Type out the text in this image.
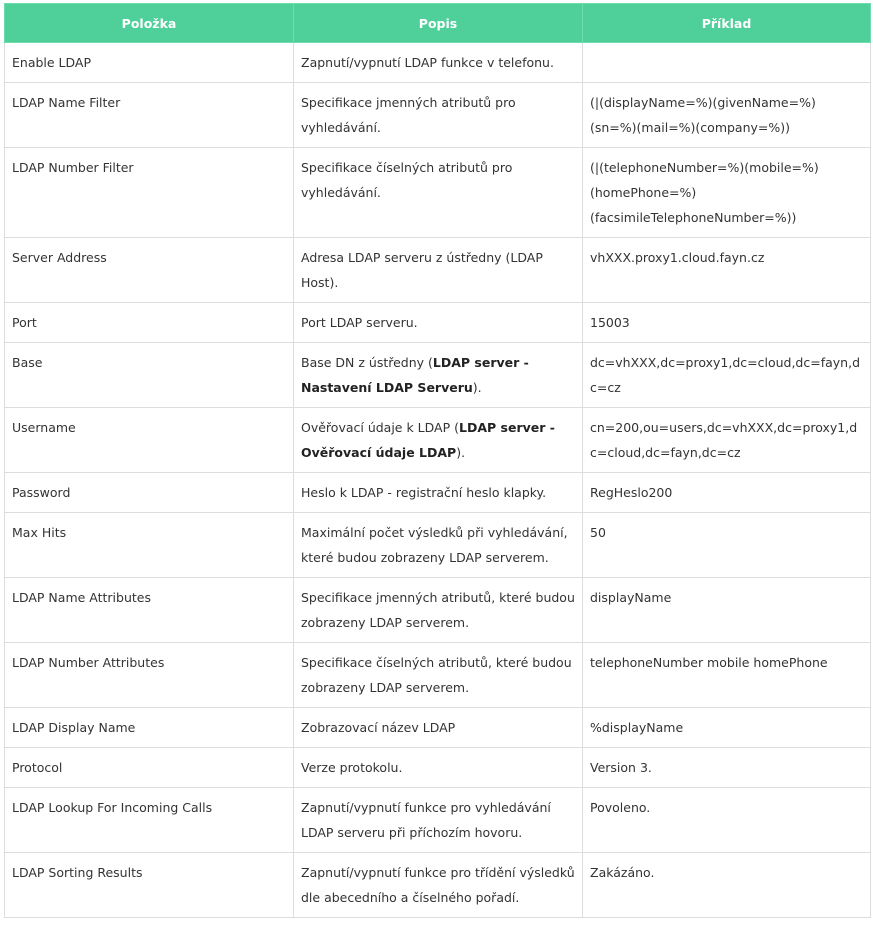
Položka	Popis	Příklad
Enable LDAP	Zapnutí/vypnutí LDAP funkce v telefonu.	
LDAP Name Filter	Specifikace jmenných atributů pro vyhledávání.	(|(displayName=%)(givenName=%) (sn=%)(mail=%)(company=%))
LDAP Number Filter	Specifikace číselných atributů pro vyhledávání.	(|(telephoneNumber=%)(mobile=%)(homePhone=%)(facsimileTelephoneNumber=%))
Server Address	Adresa LDAP serveru z ústředny (LDAP Host).	vhXXX.proxy1.cloud.fayn.cz
Port	Port LDAP serveru.	15003
Base	Base DN z ústředny (LDAP server - Nastavení LDAP Serveru).	dc=vhXXX,dc=proxy1,dc=cloud,dc=fayn,dc=cz
Username	Ověřovací údaje k LDAP (LDAP server - Ověřovací údaje LDAP).	cn=200,ou=users,dc=vhXXX,dc=proxy1,dc=cloud,dc=fayn,dc=cz
Password	Heslo k LDAP - registrační heslo klapky.	RegHeslo200
Max Hits	Maximální počet výsledků při vyhledávání, které budou zobrazeny LDAP serverem.	50
LDAP Name Attributes	Specifikace jmenných atributů, které budou zobrazeny LDAP serverem.	displayName
LDAP Number Attributes	Specifikace číselných atributů, které budou zobrazeny LDAP serverem.	telephoneNumber mobile homePhone
LDAP Display Name	Zobrazovací název LDAP	%displayName
Protocol	Verze protokolu.	Version 3.
LDAP Lookup For Incoming Calls	Zapnutí/vypnutí funkce pro vyhledávání LDAP serveru při příchozím hovoru.	Povoleno.
LDAP Sorting Results	Zapnutí/vypnutí funkce pro třídění výsledků dle abecedního a číselného pořadí.	Zakázáno.
